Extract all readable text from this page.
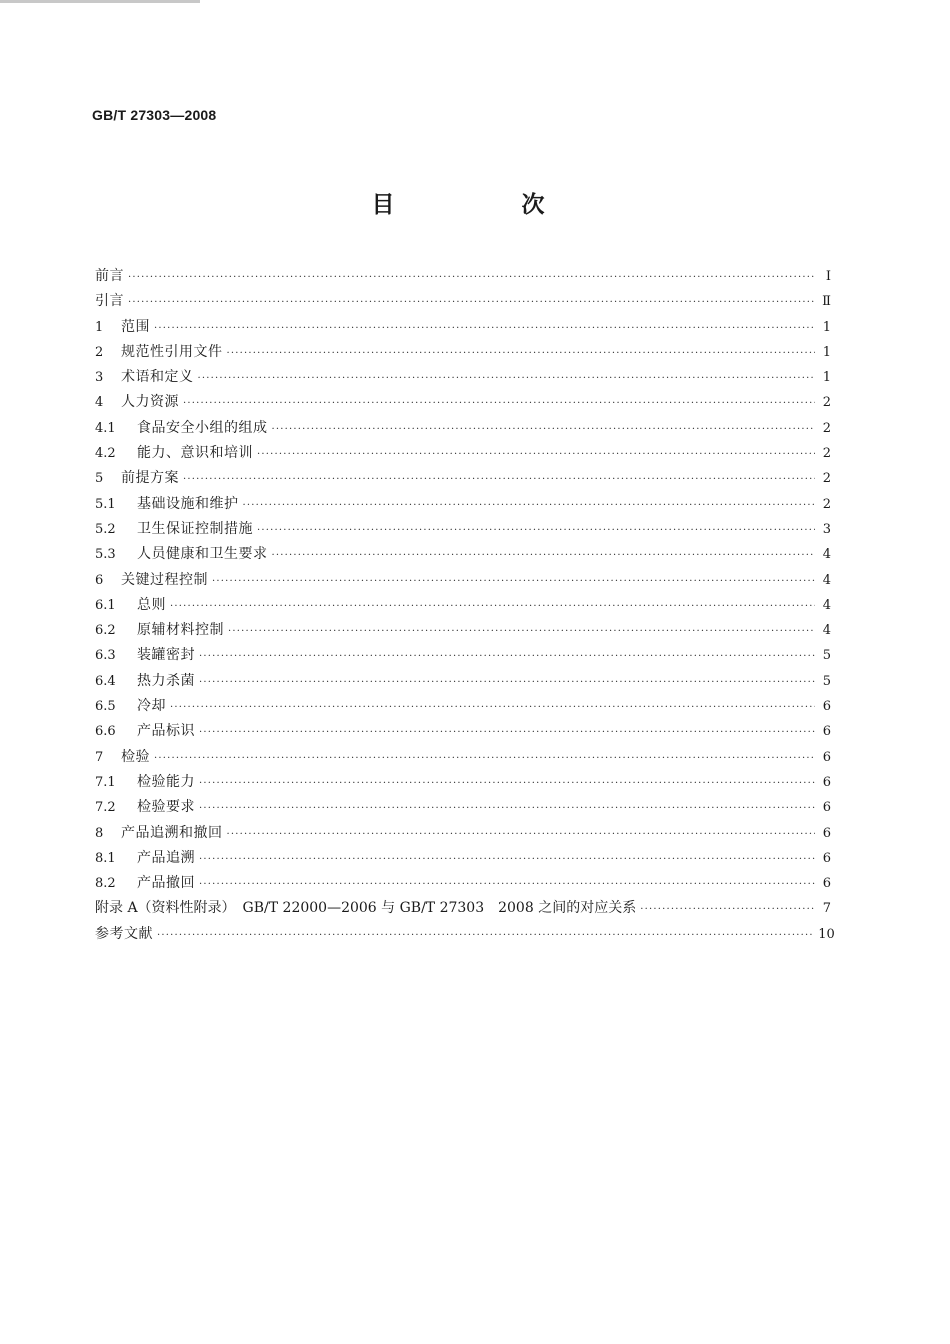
GB/T 27303—2008
目　次
前言 ·····	Ⅰ
引言 ·····	Ⅱ
1	范围 ·····	1
2	规范性引用文件 ·····	1
3	术语和定义 ·····	1
4	人力资源 ·····	2
4.1	食品安全小组的组成 ·····	2
4.2	能力、意识和培训 ·····	2
5	前提方案 ·····	2
5.1	基础设施和维护 ·····	2
5.2	卫生保证控制措施 ·····	3
5.3	人员健康和卫生要求 ·····	4
6	关键过程控制 ·····	4
6.1	总则 ·····	4
6.2	原辅材料控制 ·····	4
6.3	装罐密封 ·····	5
6.4	热力杀菌 ·····	5
6.5	冷却 ·····	6
6.6	产品标识 ·····	6
7	检验 ·····	6
7.1	检验能力 ·····	6
7.2	检验要求 ·····	6
8	产品追溯和撤回 ·····	6
8.1	产品追溯 ·····	6
8.2	产品撤回 ·····	6
附录 A（资料性附录）　GB/T 22000—2006 与 GB/T 27303　2008 之间的对应关系 ·····	7
参考文献 ·····	10
